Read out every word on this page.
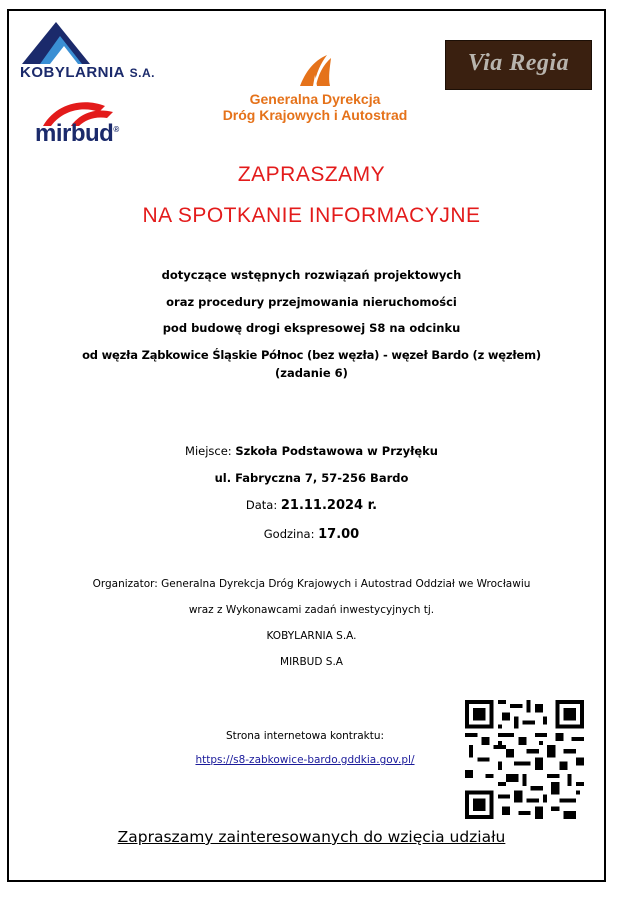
KOBYLARNIA S.A.
Generalna Dyrekcja
Dróg Krajowych i Autostrad
Via Regia
mirbud®
ZAPRASZAMY
NA SPOTKANIE INFORMACYJNE
dotyczące wstępnych rozwiązań projektowych
oraz procedury przejmowania nieruchomości
pod budowę drogi ekspresowej S8 na odcinku
od węzła Ząbkowice Śląskie Północ (bez węzła) - węzeł Bardo (z węzłem)
(zadanie 6)
Miejsce: Szkoła Podstawowa w Przyłęku
ul. Fabryczna 7, 57-256 Bardo
Data: 21.11.2024 r.
Godzina: 17.00
Organizator: Generalna Dyrekcja Dróg Krajowych i Autostrad Oddział we Wrocławiu
wraz z Wykonawcami zadań inwestycyjnych tj.
KOBYLARNIA S.A.
MIRBUD S.A
Strona internetowa kontraktu:
https://s8-zabkowice-bardo.gddkia.gov.pl/
Zapraszamy zainteresowanych do wzięcia udziału
